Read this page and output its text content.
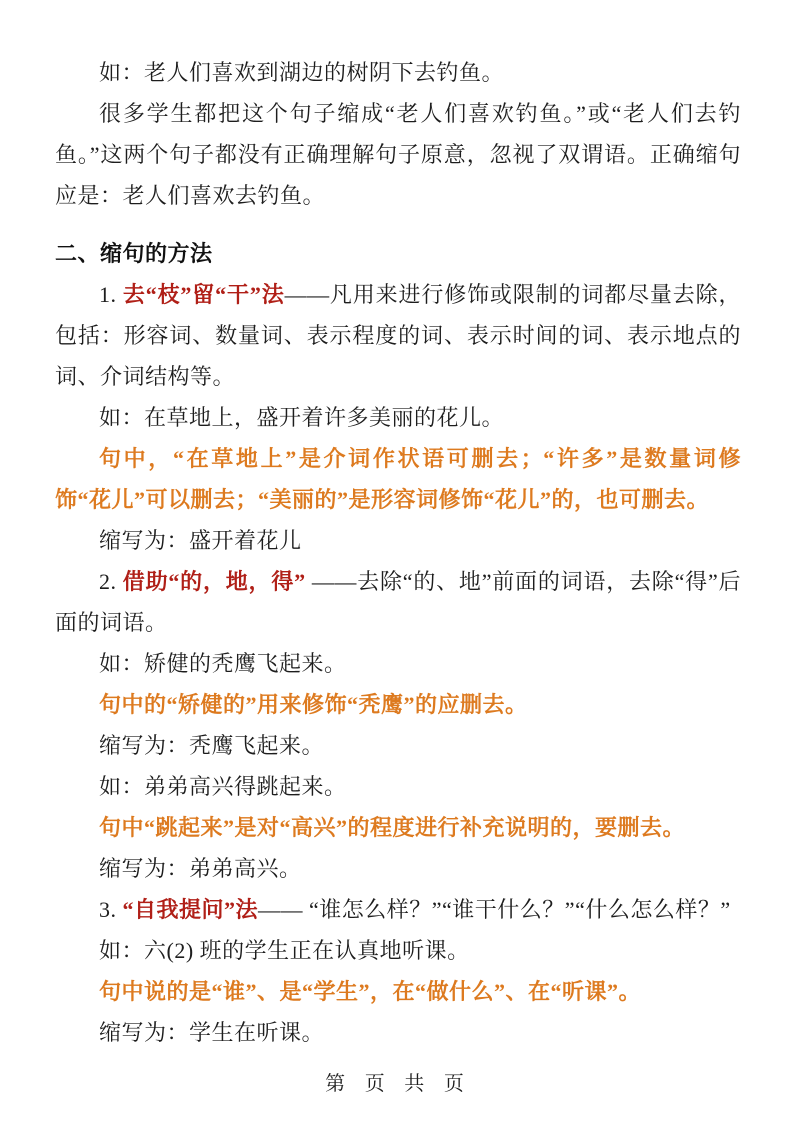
如：老人们喜欢到湖边的树阴下去钓鱼。

很多学生都把这个句子缩成“老人们喜欢钓鱼。”或“老人们去钓鱼。”这两个句子都没有正确理解句子原意，忽视了双谓语。正确缩句应是：老人们喜欢去钓鱼。

二、缩句的方法

1. 去“枝”留“干”法——凡用来进行修饰或限制的词都尽量去除，包括：形容词、数量词、表示程度的词、表示时间的词、表示地点的词、介词结构等。

如：在草地上，盛开着许多美丽的花儿。

句中，“在草地上”是介词作状语可删去；“许多”是数量词修饰“花儿”可以删去；“美丽的”是形容词修饰“花儿”的，也可删去。

缩写为：盛开着花儿

2. 借助“的，地，得” ——去除“的、地”前面的词语，去除“得”后面的词语。

如：矫健的秃鹰飞起来。

句中的“矫健的”用来修饰“秃鹰”的应删去。

缩写为：秃鹰飞起来。

如：弟弟高兴得跳起来。

句中“跳起来”是对“高兴”的程度进行补充说明的，要删去。

缩写为：弟弟高兴。

3. “自我提问”法—— “谁怎么样？”“谁干什么？”“什么怎么样？”

如：六(2) 班的学生正在认真地听课。

句中说的是“谁”、是“学生”，在“做什么”、在“听课”。

缩写为：学生在听课。

第 页 共 页
